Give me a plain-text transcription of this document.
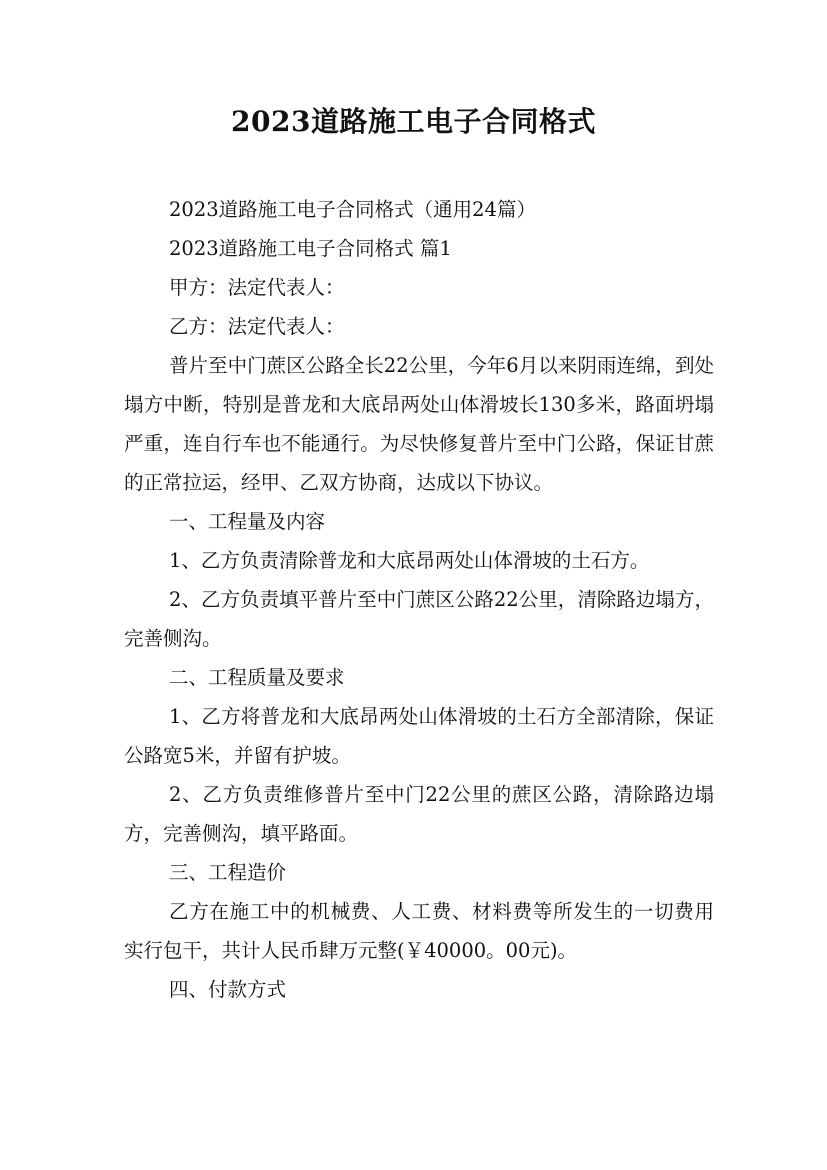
2023道路施工电子合同格式

2023道路施工电子合同格式（通用24篇）

2023道路施工电子合同格式 篇1

甲方：法定代表人：

乙方：法定代表人：

普片至中门蔗区公路全长22公里，今年6月以来阴雨连绵，到处塌方中断，特别是普龙和大底昂两处山体滑坡长130多米，路面坍塌严重，连自行车也不能通行。为尽快修复普片至中门公路，保证甘蔗的正常拉运，经甲、乙双方协商，达成以下协议。

一、工程量及内容

1、乙方负责清除普龙和大底昂两处山体滑坡的土石方。

2、乙方负责填平普片至中门蔗区公路22公里，清除路边塌方，完善侧沟。

二、工程质量及要求

1、乙方将普龙和大底昂两处山体滑坡的土石方全部清除，保证公路宽5米，并留有护坡。

2、乙方负责维修普片至中门22公里的蔗区公路，清除路边塌方，完善侧沟，填平路面。

三、工程造价

乙方在施工中的机械费、人工费、材料费等所发生的一切费用实行包干，共计人民币肆万元整(￥40000。00元)。

四、付款方式
